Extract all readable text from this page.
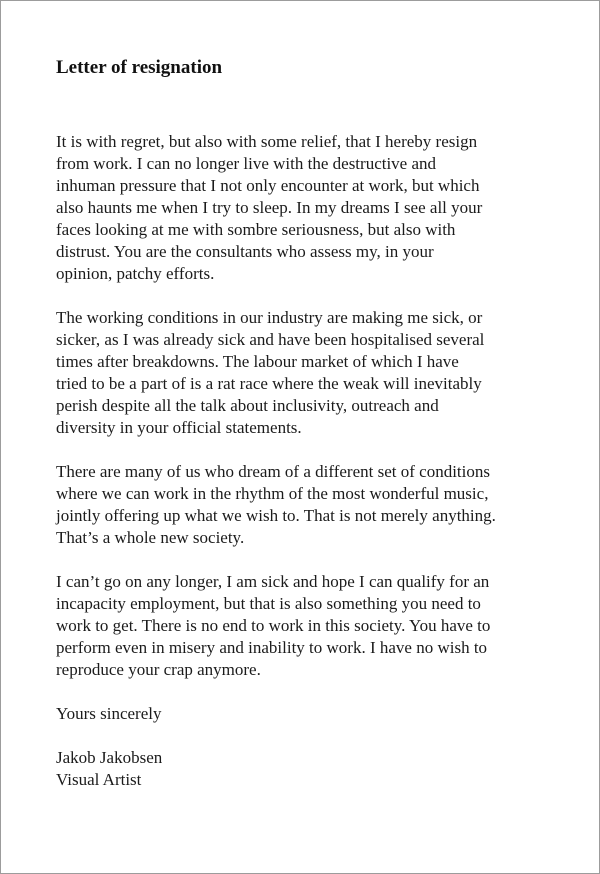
Letter of resignation
It is with regret, but also with some relief, that I hereby resign
from work. I can no longer live with the destructive and
inhuman pressure that I not only encounter at work, but which
also haunts me when I try to sleep. In my dreams I see all your
faces looking at me with sombre seriousness, but also with
distrust. You are the consultants who assess my, in your
opinion, patchy efforts.
The working conditions in our industry are making me sick, or
sicker, as I was already sick and have been hospitalised several
times after breakdowns. The labour market of which I have
tried to be a part of is a rat race where the weak will inevitably
perish despite all the talk about inclusivity, outreach and
diversity in your official statements.
There are many of us who dream of a different set of conditions
where we can work in the rhythm of the most wonderful music,
jointly offering up what we wish to. That is not merely anything.
That’s a whole new society.
I can’t go on any longer, I am sick and hope I can qualify for an
incapacity employment, but that is also something you need to
work to get. There is no end to work in this society. You have to
perform even in misery and inability to work. I have no wish to
reproduce your crap anymore.

Yours sincerely

Jakob Jakobsen
Visual Artist
